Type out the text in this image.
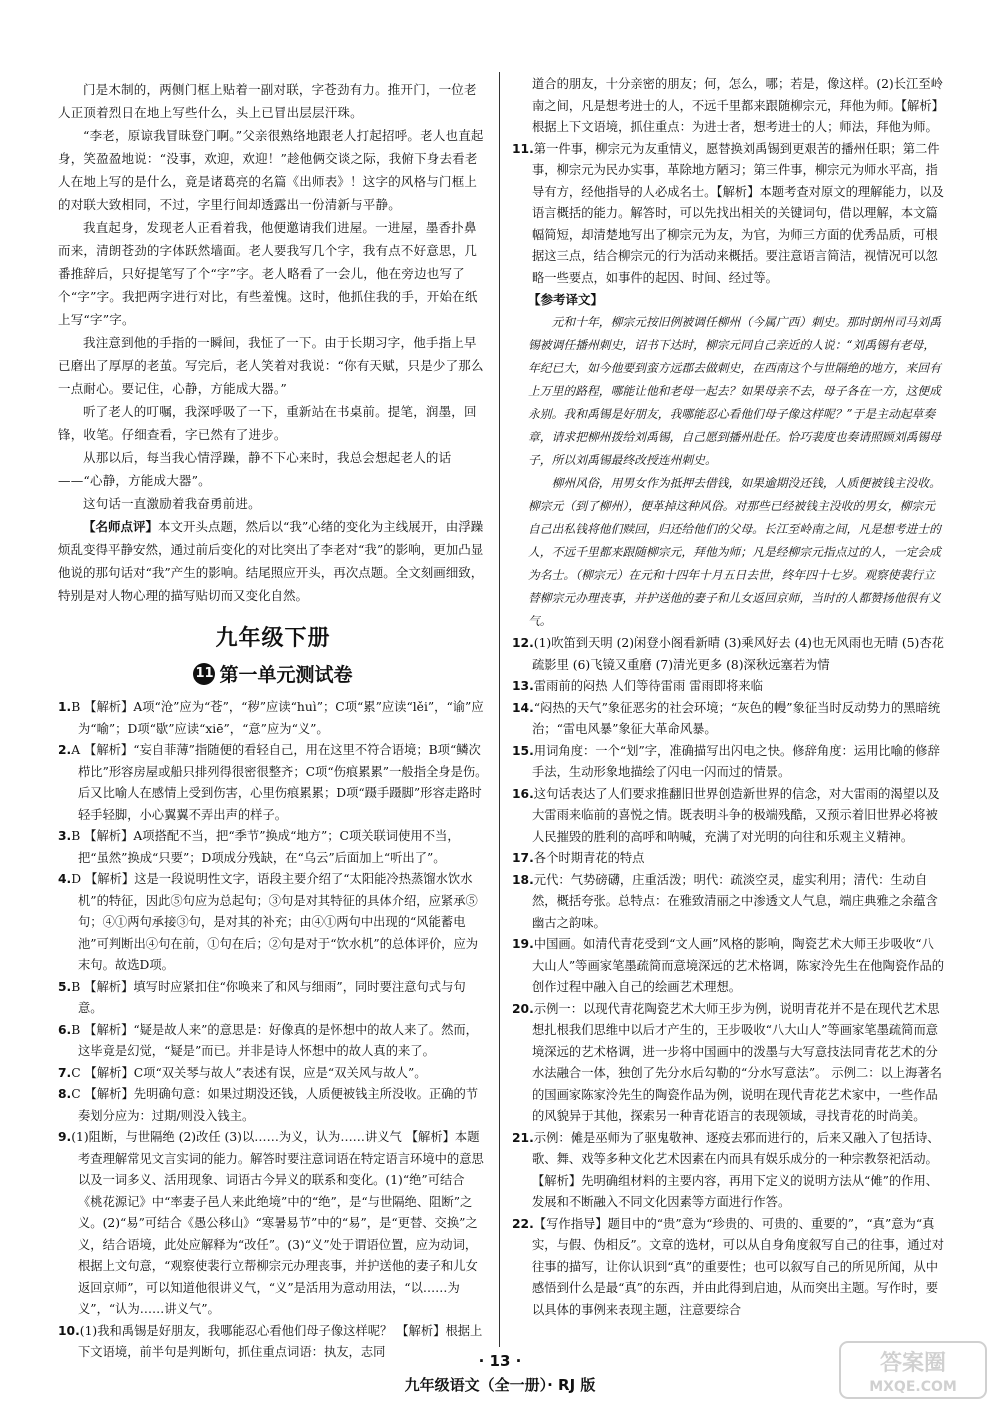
门是木制的，两侧门框上贴着一副对联，字苍劲有力。推开门，一位老人正顶着烈日在地上写些什么，头上已冒出层层汗珠。

“李老，原谅我冒昧登门啊。”父亲很熟络地跟老人打起招呼。老人也直起身，笑盈盈地说：“没事，欢迎，欢迎！”趁他俩交谈之际，我俯下身去看老人在地上写的是什么，竟是诸葛亮的名篇《出师表》！这字的风格与门框上的对联大致相同，不过，字里行间却透露出一份清新与平静。

我直起身，发现老人正看着我，他便邀请我们进屋。一进屋，墨香扑鼻而来，清朗苍劲的字体跃然墙面。老人要我写几个字，我有点不好意思，几番推辞后，只好提笔写了个“字”字。老人略看了一会儿，他在旁边也写了个“字”字。我把两字进行对比，有些羞愧。这时，他抓住我的手，开始在纸上写“字”字。

我注意到他的手指的一瞬间，我怔了一下。由于长期习字，他手指上早已磨出了厚厚的老茧。写完后，老人笑着对我说：“你有天赋，只是少了那么一点耐心。要记住，心静，方能成大器。”

听了老人的叮嘱，我深呼吸了一下，重新站在书桌前。提笔，润墨，回锋，收笔。仔细查看，字已然有了进步。

从那以后，每当我心情浮躁，静不下心来时，我总会想起老人的话——“心静，方能成大器”。

这句话一直激励着我奋勇前进。

【名师点评】本文开头点题，然后以“我”心绪的变化为主线展开，由浮躁烦乱变得平静安然，通过前后变化的对比突出了李老对“我”的影响，更加凸显他说的那句话对“我”产生的影响。结尾照应开头，再次点题。全文刻画细致，特别是对人物心理的描写贴切而又变化自然。

九年级下册
11 第一单元测试卷

1.B 【解析】A项“沧”应为“苍”，“秽”应读“huì”；C项“累”应读“lěi”，“谕”应为“喻”；D项“歇”应读“xiē”，“意”应为“义”。

2.A 【解析】“妄自菲薄”指随便的看轻自己，用在这里不符合语境；B项“鳞次栉比”形容房屋或船只排列得很密很整齐；C项“伤痕累累”一般指全身是伤。后又比喻人在感情上受到伤害，心里伤痕累累；D项“蹑手蹑脚”形容走路时轻手轻脚，小心翼翼不弄出声的样子。

3.B 【解析】A项搭配不当，把“季节”换成“地方”；C项关联词使用不当，把“虽然”换成“只要”；D项成分残缺，在“乌云”后面加上“听出了”。

4.D 【解析】这是一段说明性文字，语段主要介绍了“太阳能冷热蒸馏水饮水机”的特征，因此⑤句应为总起句；③句是对其特征的具体介绍，应紧承⑤句；④①两句承接③句，是对其的补充；由④①两句中出现的“风能蓄电池”可判断出④句在前，①句在后；②句是对于“饮水机”的总体评价，应为末句。故选D项。

5.B 【解析】填写时应紧扣住“你唤来了和风与细雨”，同时要注意句式与句意。

6.B 【解析】“疑是故人来”的意思是：好像真的是怀想中的故人来了。然而，这毕竟是幻觉，“疑是”而已。并非是诗人怀想中的故人真的来了。

7.C 【解析】C项“双关琴与故人”表述有误，应是“双关风与故人”。

8.C 【解析】先明确句意：如果过期没还钱，人质便被钱主所没收。正确的节奏划分应为：过期/则没入钱主。

9.(1)阻断，与世隔绝 (2)改任 (3)以……为义，认为……讲义气 【解析】本题考查理解常见文言实词的能力。解答时要注意词语在特定语言环境中的意思以及一词多义、活用现象、词语古今异义的联系和变化。(1)“绝”可结合《桃花源记》中“率妻子邑人来此绝境”中的“绝”，是“与世隔绝、阻断”之义。(2)“易”可结合《愚公移山》“寒暑易节”中的“易”，是“更替、交换”之义，结合语境，此处应解释为“改任”。(3)“义”处于谓语位置，应为动词，根据上文句意，“观察使裴行立帮柳宗元办理丧事，并护送他的妻子和儿女返回京师”，可以知道他很讲义气，“义”是活用为意动用法，“以……为义”，“认为……讲义气”。

10.(1)我和禹锡是好朋友，我哪能忍心看他们母子像这样呢？ 【解析】根据上下文语境，前半句是判断句，抓住重点词语：执友，志同

道合的朋友，十分亲密的朋友；何，怎么，哪；若是，像这样。(2)长江至岭南之间，凡是想考进士的人，不远千里都来跟随柳宗元，拜他为师。【解析】根据上下文语境，抓住重点：为进士者，想考进士的人；师法，拜他为师。

11.第一件事，柳宗元为友重情义，愿替换刘禹锡到更艰苦的播州任职；第二件事，柳宗元为民办实事，革除地方陋习；第三件事，柳宗元为师水平高，指导有方，经他指导的人必成名士。【解析】本题考查对原文的理解能力，以及语言概括的能力。解答时，可以先找出相关的关键词句，借以理解，本文篇幅简短，却清楚地写出了柳宗元为友，为官，为师三方面的优秀品质，可根据这三点，结合柳宗元的行为活动来概括。要注意语言简洁，视情况可以忽略一些要点，如事件的起因、时间、经过等。

【参考译文】

元和十年，柳宗元按旧例被调任柳州（今属广西）刺史。那时朗州司马刘禹锡被调任播州刺史，诏书下达时，柳宗元同自己亲近的人说：“刘禹锡有老母，年纪已大，如今他要到蛮方远郡去做刺史，在西南这个与世隔绝的地方，来回有上万里的路程，哪能让他和老母一起去？如果母亲不去，母子各在一方，这便成永别。我和禹锡是好朋友，我哪能忍心看他们母子像这样呢？”于是主动起草奏章，请求把柳州拨给刘禹锡，自己愿到播州赴任。恰巧裴度也奏请照顾刘禹锡母子，所以刘禹锡最终改授连州刺史。

柳州风俗，用男女作为抵押去借钱，如果逾期没还钱，人质便被钱主没收。柳宗元（到了柳州），便革掉这种风俗。对那些已经被钱主没收的男女，柳宗元自己出私钱将他们赎回，归还给他们的父母。长江至岭南之间，凡是想考进士的人，不远千里都来跟随柳宗元，拜他为师；凡是经柳宗元指点过的人，一定会成为名士。（柳宗元）在元和十四年十月五日去世，终年四十七岁。观察使裴行立替柳宗元办理丧事，并护送他的妻子和儿女返回京师，当时的人都赞扬他很有义气。

12.(1)吹笛到天明 (2)闲登小阁看新晴 (3)乘风好去 (4)也无风雨也无晴 (5)杏花疏影里 (6)飞镜又重磨 (7)清光更多 (8)深秋远塞若为情

13.雷雨前的闷热 人们等待雷雨 雷雨即将来临

14.“闷热的天气”象征恶劣的社会环境；“灰色的幔”象征当时反动势力的黑暗统治；“雷电风暴”象征大革命风暴。

15.用词角度：一个“划”字，准确描写出闪电之快。修辞角度：运用比喻的修辞手法，生动形象地描绘了闪电一闪而过的情景。

16.这句话表达了人们要求推翻旧世界创造新世界的信念，对大雷雨的渴望以及大雷雨来临前的喜悦之情。既表明斗争的极端残酷，又预示着旧世界必将被人民摧毁的胜利的高呼和呐喊，充满了对光明的向往和乐观主义精神。

17.各个时期青花的特点

18.元代：气势磅礴，庄重活泼；明代：疏淡空灵，虚实利用；清代：生动自然，概括夸张。总特点：在雅致清丽之中渗透文人气息，端庄典雅之余蕴含幽古之韵味。

19.中国画。如清代青花受到“文人画”风格的影响，陶瓷艺术大师王步吸收“八大山人”等画家笔墨疏简而意境深远的艺术格调，陈家泠先生在他陶瓷作品的创作过程中融入自己的绘画艺术理想。

20.示例一：以现代青花陶瓷艺术大师王步为例，说明青花并不是在现代艺术思想扎根我们思维中以后才产生的，王步吸收“八大山人”等画家笔墨疏简而意境深远的艺术格调，进一步将中国画中的泼墨与大写意技法同青花艺术的分水法融合一体，独创了先分水后勾勒的“分水写意法”。 示例二：以上海著名的国画家陈家泠先生的陶瓷作品为例，说明在现代青花艺术家中，一些作品的风貌异于其他，探索另一种青花语言的表现领域，寻找青花的时尚美。

21.示例：傩是巫师为了驱鬼敬神、逐疫去邪而进行的，后来又融入了包括诗、歌、舞、戏等多种文化艺术因素在内而具有娱乐成分的一种宗教祭祀活动。【解析】先明确组材料的主要内容，再用下定义的说明方法从“傩”的作用、发展和不断融入不同文化因素等方面进行作答。

22.【写作指导】题目中的“贵”意为“珍贵的、可贵的、重要的”，“真”意为“真实，与假、伪相反”。文章的选材，可以从自身角度叙写自己的往事，通过对往事的描写，让你认识到“真”的重要性；也可以叙写自己的所见所闻，从中感悟到什么是最“真”的东西，并由此得到启迪，从而突出主题。写作时，要以具体的事例来表现主题，注意要综合

· 13 ·
九年级语文（全一册）· RJ 版
答案圈
MXQE.COM
